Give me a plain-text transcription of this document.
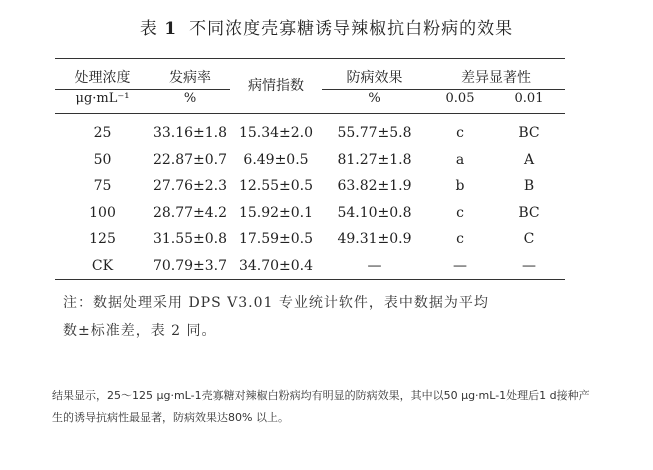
表 1 不同浓度壳寡糖诱导辣椒抗白粉病的效果
处理浓度	发病率	病情指数	防病效果	差异显著性	
μg·mL⁻¹	%		%	0.05	0.01
25	33.16±1.8	15.34±2.0	55.77±5.8	c	BC
50	22.87±0.7	6.49±0.5	81.27±1.8	a	A
75	27.76±2.3	12.55±0.5	63.82±1.9	b	B
100	28.77±4.2	15.92±0.1	54.10±0.8	c	BC
125	31.55±0.8	17.59±0.5	49.31±0.9	c	C
CK	70.79±3.7	34.70±0.4	—	—	—
注：数据处理采用 DPS V3.01 专业统计软件，表中数据为平均
数±标准差，表 2 同。
结果显示，25～125 μg·mL-1壳寡糖对辣椒白粉病均有明显的防病效果，其中以50 μg·mL-1处理后1 d接种产
生的诱导抗病性最显著，防病效果达80% 以上。
